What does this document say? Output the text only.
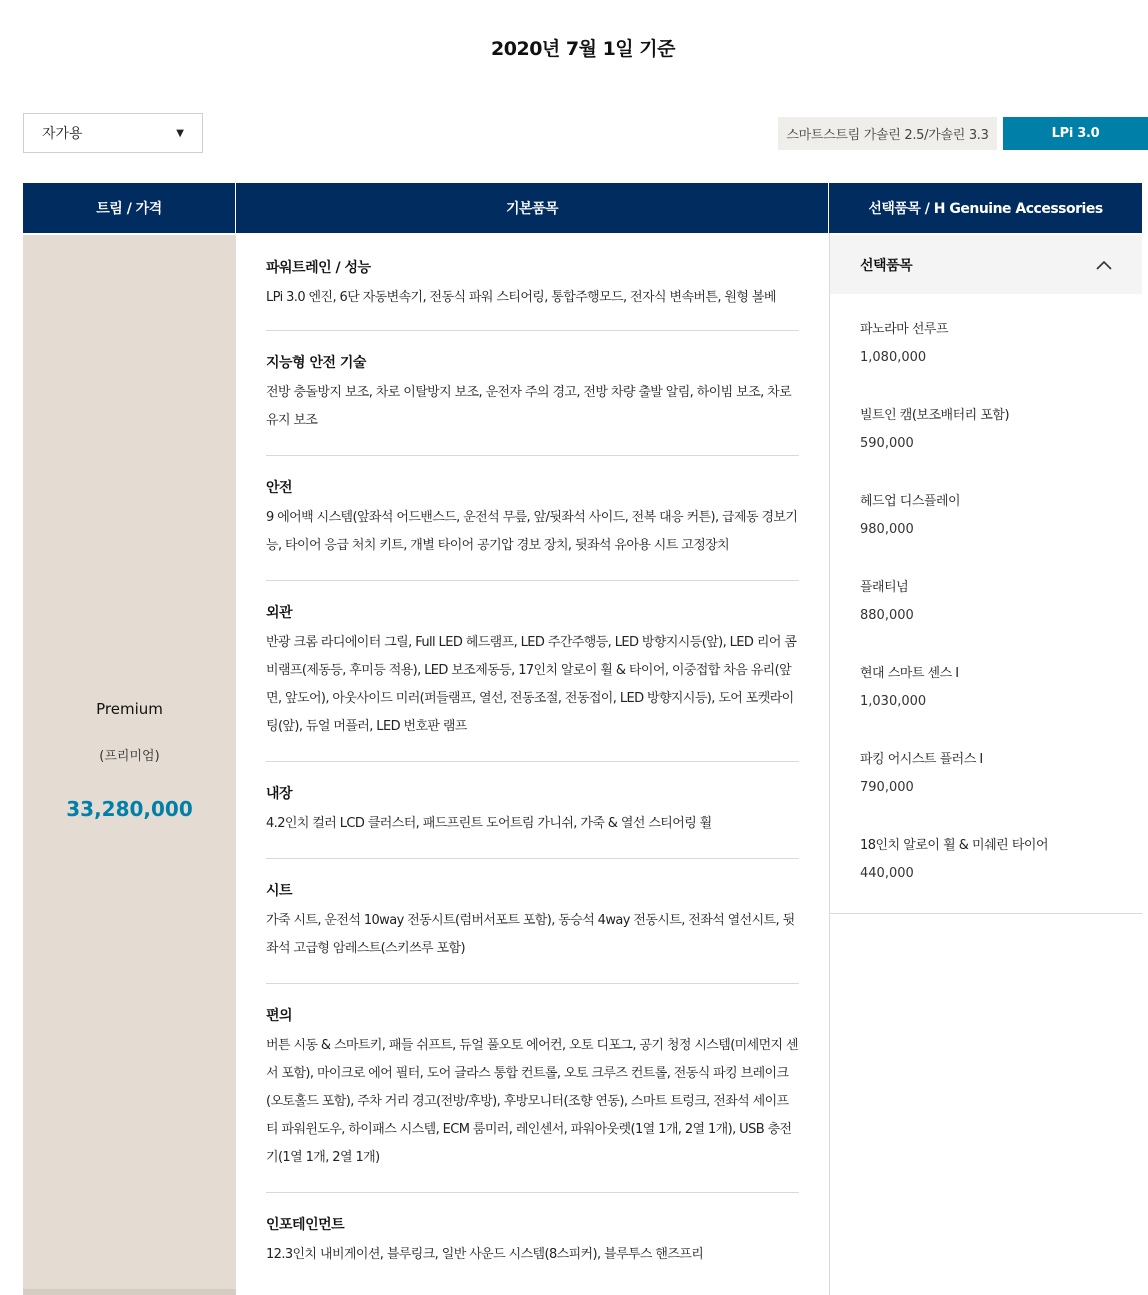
2020년 7월 1일 기준
자가용	▼	스마트스트림 가솔린 2.5/가솔린 3.3	LPi 3.0
트림 / 가격	기본품목	선택품목 / H Genuine Accessories
Premium
(프리미엄)
33,280,000
파워트레인 / 성능

LPi 3.0 엔진, 6단 자동변속기, 전동식 파워 스티어링, 통합주행모드, 전자식 변속버튼, 원형 볼베

지능형 안전 기술

전방 충돌방지 보조, 차로 이탈방지 보조, 운전자 주의 경고, 전방 차량 출발 알림, 하이빔 보조, 차로 유지 보조

안전

9 에어백 시스템(앞좌석 어드밴스드, 운전석 무릎, 앞/뒷좌석 사이드, 전복 대응 커튼), 급제동 경보기능, 타이어 응급 처치 키트, 개별 타이어 공기압 경보 장치, 뒷좌석 유아용 시트 고정장치

외관

반광 크롬 라디에이터 그릴, Full LED 헤드램프, LED 주간주행등, LED 방향지시등(앞), LED 리어 콤비램프(제동등, 후미등 적용), LED 보조제동등, 17인치 알로이 휠 & 타이어, 이중접합 차음 유리(앞면, 앞도어), 아웃사이드 미러(퍼들램프, 열선, 전동조절, 전동접이, LED 방향지시등), 도어 포켓라이팅(앞), 듀얼 머플러, LED 번호판 램프

내장

4.2인치 컬러 LCD 클러스터, 패드프린트 도어트림 가니쉬, 가죽 & 열선 스티어링 휠

시트

가죽 시트, 운전석 10way 전동시트(럼버서포트 포함), 동승석 4way 전동시트, 전좌석 열선시트, 뒷좌석 고급형 암레스트(스키쓰루 포함)

편의

버튼 시동 & 스마트키, 패들 쉬프트, 듀얼 풀오토 에어컨, 오토 디포그, 공기 청정 시스템(미세먼지 센서 포함), 마이크로 에어 필터, 도어 글라스 통합 컨트롤, 오토 크루즈 컨트롤, 전동식 파킹 브레이크 (오토홀드 포함), 주차 거리 경고(전방/후방), 후방모니터(조향 연동), 스마트 트렁크, 전좌석 세이프티 파워윈도우, 하이패스 시스템, ECM 룸미러, 레인센서, 파워아웃렛(1열 1개, 2열 1개), USB 충전기(1열 1개, 2열 1개)

인포테인먼트

12.3인치 내비게이션, 블루링크, 일반 사운드 시스템(8스피커), 블루투스 핸즈프리

선택품목
파노라마 선루프
1,080,000
빌트인 캠(보조배터리 포함)
590,000
헤드업 디스플레이
980,000
플래티넘
880,000
현대 스마트 센스 Ⅰ
1,030,000
파킹 어시스트 플러스 Ⅰ
790,000
18인치 알로이 휠 & 미쉐린 타이어
440,000
